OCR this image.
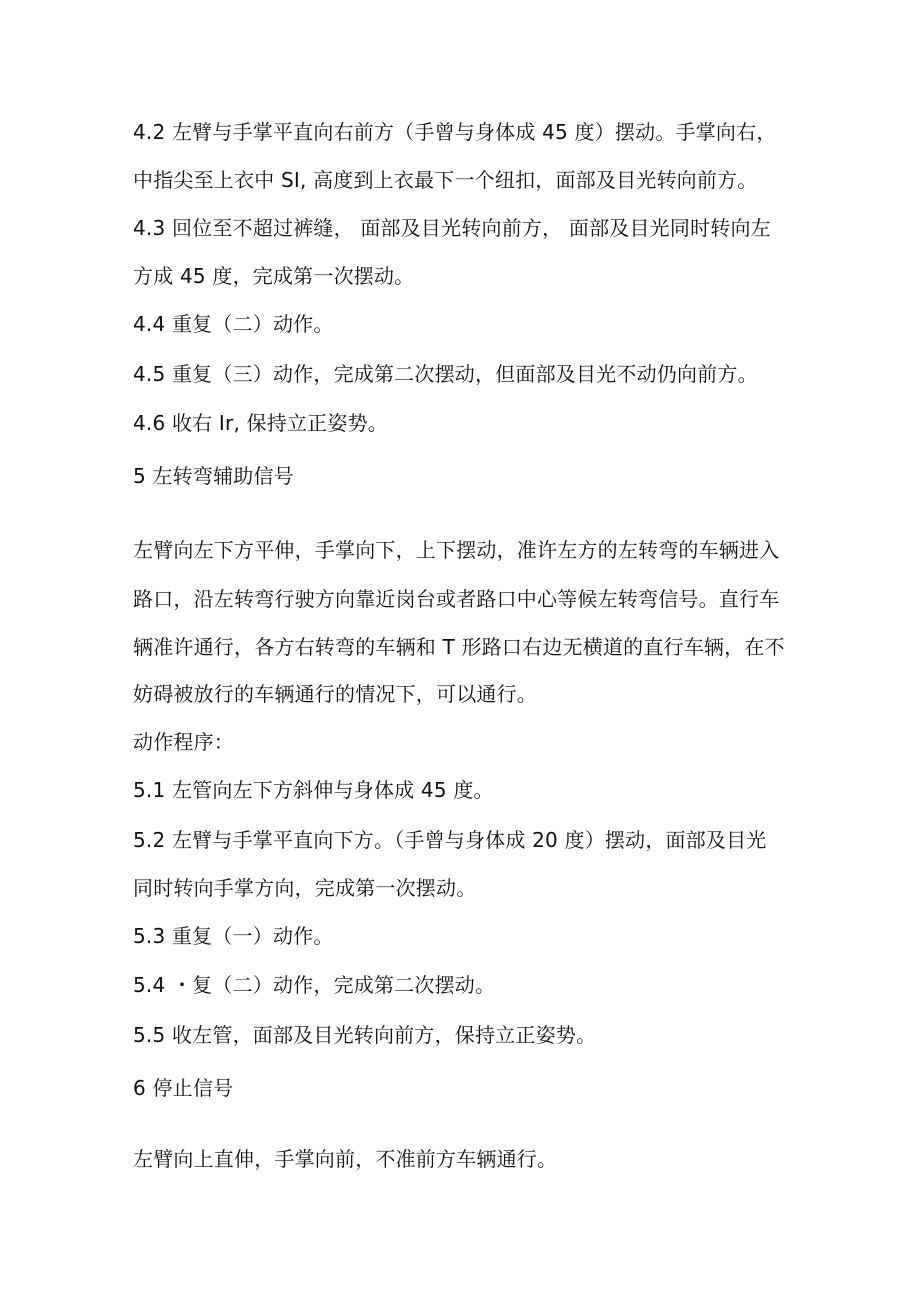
4.2 左臂与手掌平直向右前方（手曾与身体成 45 度）摆动。手掌向右，
中指尖至上衣中 SI, 高度到上衣最下一个纽扣，面部及目光转向前方。
4.3 回位至不超过裤缝， 面部及目光转向前方， 面部及目光同时转向左
方成 45 度，完成第一次摆动。
4.4 重复（二）动作。
4.5 重复（三）动作，完成第二次摆动，但面部及目光不动仍向前方。
4.6 收右 Ir, 保持立正姿势。
5 左转弯辅助信号
左臂向左下方平伸，手掌向下，上下摆动，准许左方的左转弯的车辆进入
路口，沿左转弯行驶方向靠近岗台或者路口中心等候左转弯信号。直行车
辆准许通行，各方右转弯的车辆和 T 形路口右边无横道的直行车辆，在不
妨碍被放行的车辆通行的情况下，可以通行。
动作程序：
5.1 左管向左下方斜伸与身体成 45 度。
5.2 左臂与手掌平直向下方。（手曾与身体成 20 度）摆动，面部及目光
同时转向手掌方向，完成第一次摆动。
5.3 重复（一）动作。
5.4 ・复（二）动作，完成第二次摆动。
5.5 收左管，面部及目光转向前方，保持立正姿势。
6 停止信号
左臂向上直伸，手掌向前，不准前方车辆通行。
